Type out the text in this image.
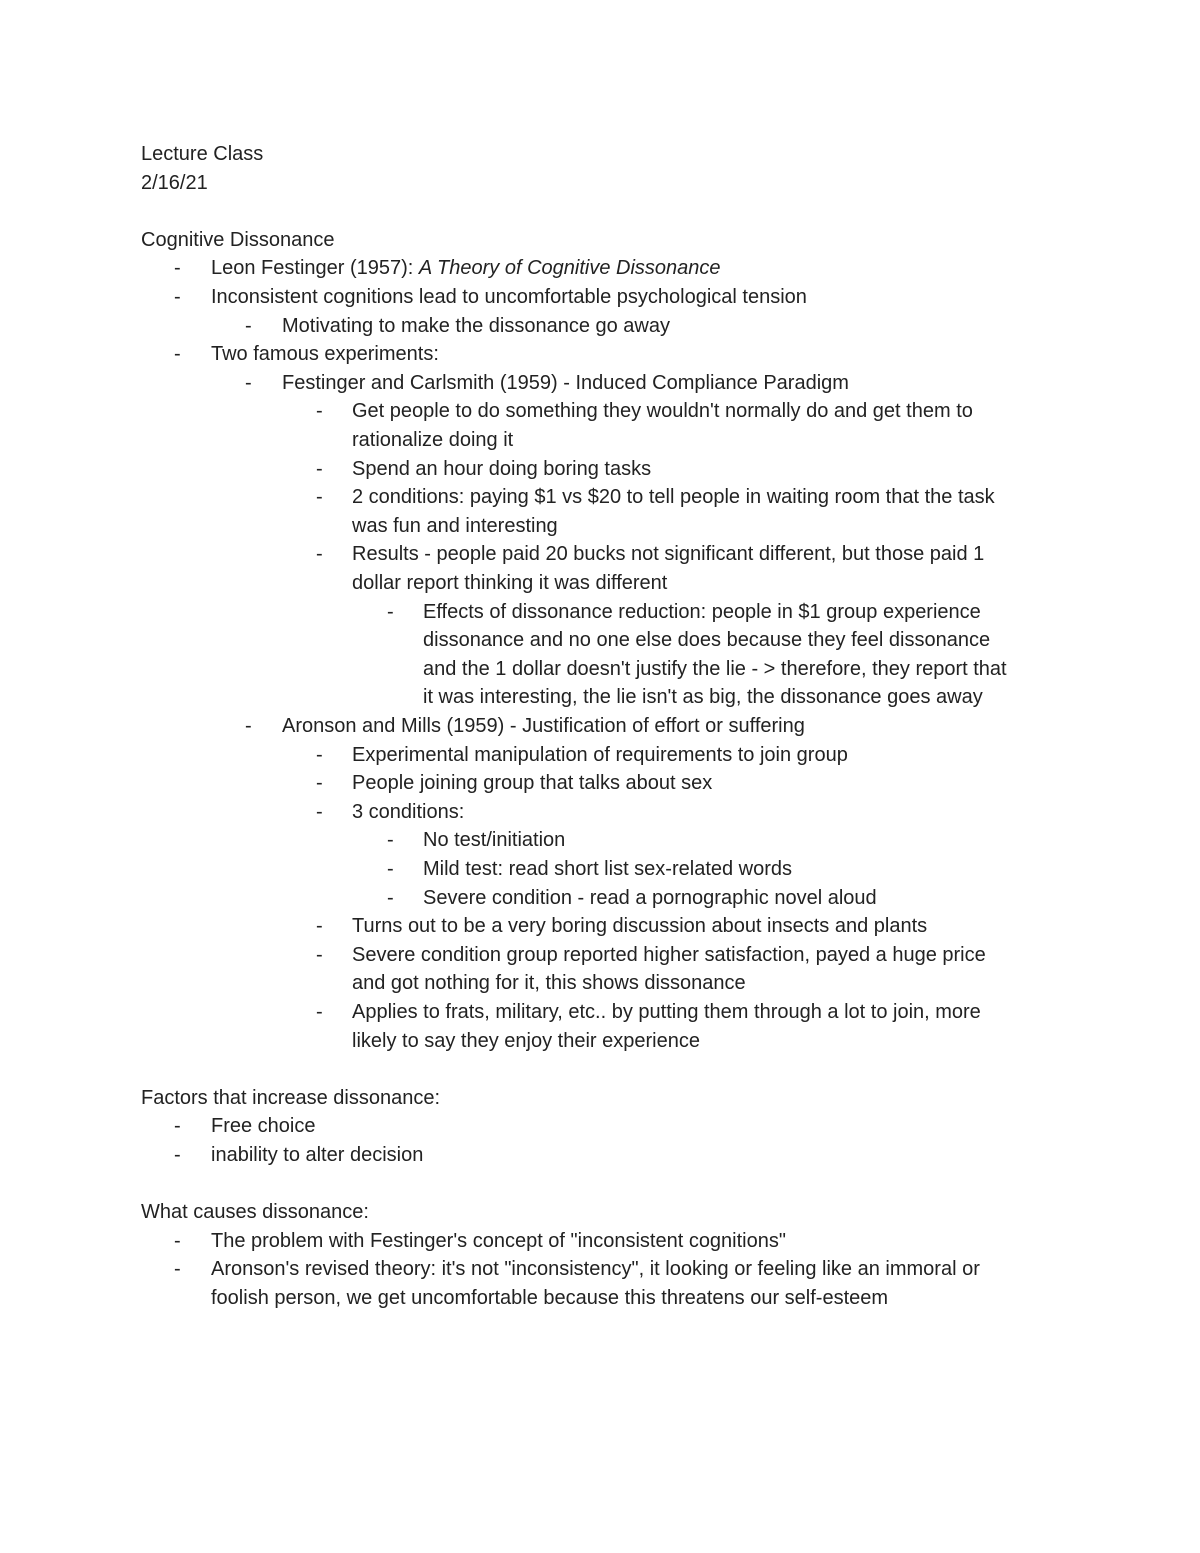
Lecture Class
2/16/21
Cognitive Dissonance
- Leon Festinger (1957): A Theory of Cognitive Dissonance
- Inconsistent cognitions lead to uncomfortable psychological tension
- Motivating to make the dissonance go away
- Two famous experiments:
- Festinger and Carlsmith (1959) - Induced Compliance Paradigm
- Get people to do something they wouldn't normally do and get them to
rationalize doing it
- Spend an hour doing boring tasks
- 2 conditions: paying $1 vs $20 to tell people in waiting room that the task
was fun and interesting
- Results - people paid 20 bucks not significant different, but those paid 1
dollar report thinking it was different
- Effects of dissonance reduction: people in $1 group experience
dissonance and no one else does because they feel dissonance
and the 1 dollar doesn't justify the lie - > therefore, they report that
it was interesting, the lie isn't as big, the dissonance goes away
- Aronson and Mills (1959) - Justification of effort or suffering
- Experimental manipulation of requirements to join group
- People joining group that talks about sex
- 3 conditions:
- No test/initiation
- Mild test: read short list sex-related words
- Severe condition - read a pornographic novel aloud
- Turns out to be a very boring discussion about insects and plants
- Severe condition group reported higher satisfaction, payed a huge price
and got nothing for it, this shows dissonance
- Applies to frats, military, etc.. by putting them through a lot to join, more
likely to say they enjoy their experience
Factors that increase dissonance:
- Free choice
- inability to alter decision
What causes dissonance:
- The problem with Festinger's concept of "inconsistent cognitions"
- Aronson's revised theory: it's not "inconsistency", it looking or feeling like an immoral or
foolish person, we get uncomfortable because this threatens our self-esteem
